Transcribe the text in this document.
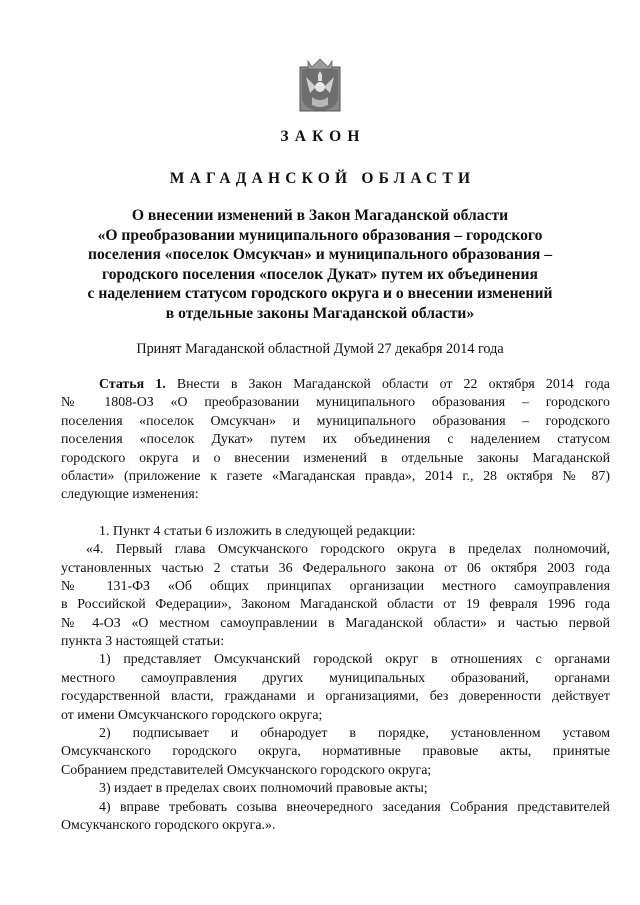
ЗАКОН
МАГАДАНСКОЙ ОБЛАСТИ
О внесении изменений в Закон Магаданской области
«О преобразовании муниципального образования – городского
поселения «поселок Омсукчан» и муниципального образования –
городского поселения «поселок Дукат» путем их объединения
с наделением статусом городского округа и о внесении изменений
в отдельные законы Магаданской области»
Принят Магаданской областной Думой 27 декабря 2014 года
Статья 1. Внести в Закон Магаданской области от 22 октября 2014 года
№ 1808-ОЗ «О преобразовании муниципального образования – городского
поселения «поселок Омсукчан» и муниципального образования – городского
поселения «поселок Дукат» путем их объединения с наделением статусом
городского округа и о внесении изменений в отдельные законы Магаданской
области» (приложение к газете «Магаданская правда», 2014 г., 28 октября № 87)
следующие изменения:
1. Пункт 4 статьи 6 изложить в следующей редакции:
«4. Первый глава Омсукчанского городского округа в пределах полномочий,
установленных частью 2 статьи 36 Федерального закона от 06 октября 2003 года
№ 131-ФЗ «Об общих принципах организации местного самоуправления
в Российской Федерации», Законом Магаданской области от 19 февраля 1996 года
№ 4-ОЗ «О местном самоуправлении в Магаданской области» и частью первой
пункта 3 настоящей статьи:
1) представляет Омсукчанский городской округ в отношениях с органами
местного самоуправления других муниципальных образований, органами
государственной власти, гражданами и организациями, без доверенности действует
от имени Омсукчанского городского округа;
2) подписывает и обнародует в порядке, установленном уставом
Омсукчанского городского округа, нормативные правовые акты, принятые
Собранием представителей Омсукчанского городского округа;
3) издает в пределах своих полномочий правовые акты;
4) вправе требовать созыва внеочередного заседания Собрания представителей
Омсукчанского городского округа.».
